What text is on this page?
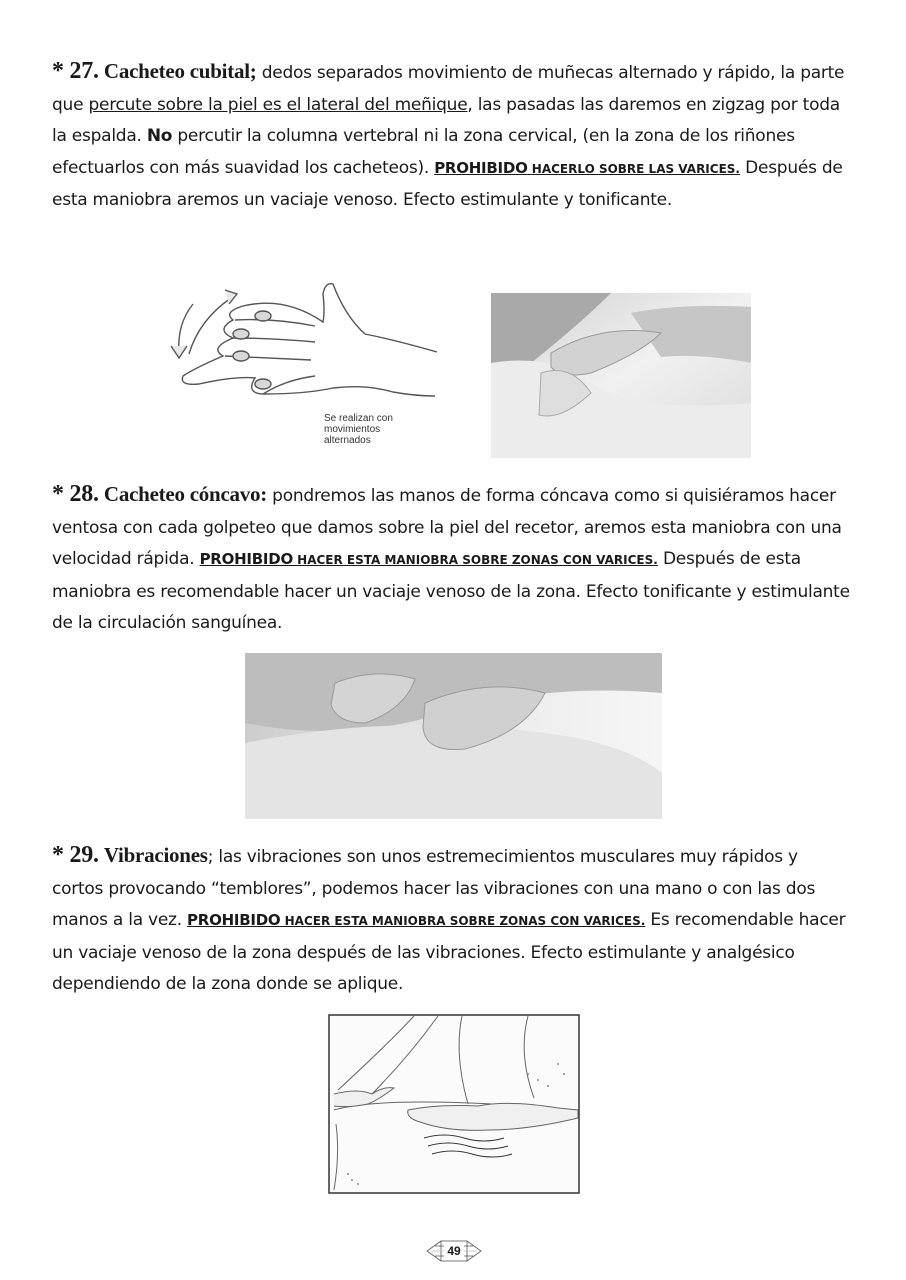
* 27. Cacheteo cubital; dedos separados movimiento de muñecas alternado y rápido, la parte que percute sobre la piel es el lateral del meñique, las pasadas las daremos en zigzag por toda la espalda. No percutir la columna vertebral ni la zona cervical, (en la zona de los riñones efectuarlos con más suavidad los cacheteos). PROHIBIDO HACERLO SOBRE LAS VARICES. Después de esta maniobra aremos un vaciaje venoso. Efecto estimulante y tonificante.

Se realizan con
movimientos
alternados

* 28. Cacheteo cóncavo: pondremos las manos de forma cóncava como si quisiéramos hacer ventosa con cada golpeteo que damos sobre la piel del recetor, aremos esta maniobra con una velocidad rápida. PROHIBIDO HACER ESTA MANIOBRA SOBRE ZONAS CON VARICES. Después de esta maniobra es recomendable hacer un vaciaje venoso de la zona. Efecto tonificante y estimulante de la circulación sanguínea.

* 29. Vibraciones; las vibraciones son unos estremecimientos musculares muy rápidos y cortos provocando “temblores”, podemos hacer las vibraciones con una mano o con las dos manos a la vez. PROHIBIDO HACER ESTA MANIOBRA SOBRE ZONAS CON VARICES. Es recomendable hacer un vaciaje venoso de la zona después de las vibraciones. Efecto estimulante y analgésico dependiendo de la zona donde se aplique.

49
